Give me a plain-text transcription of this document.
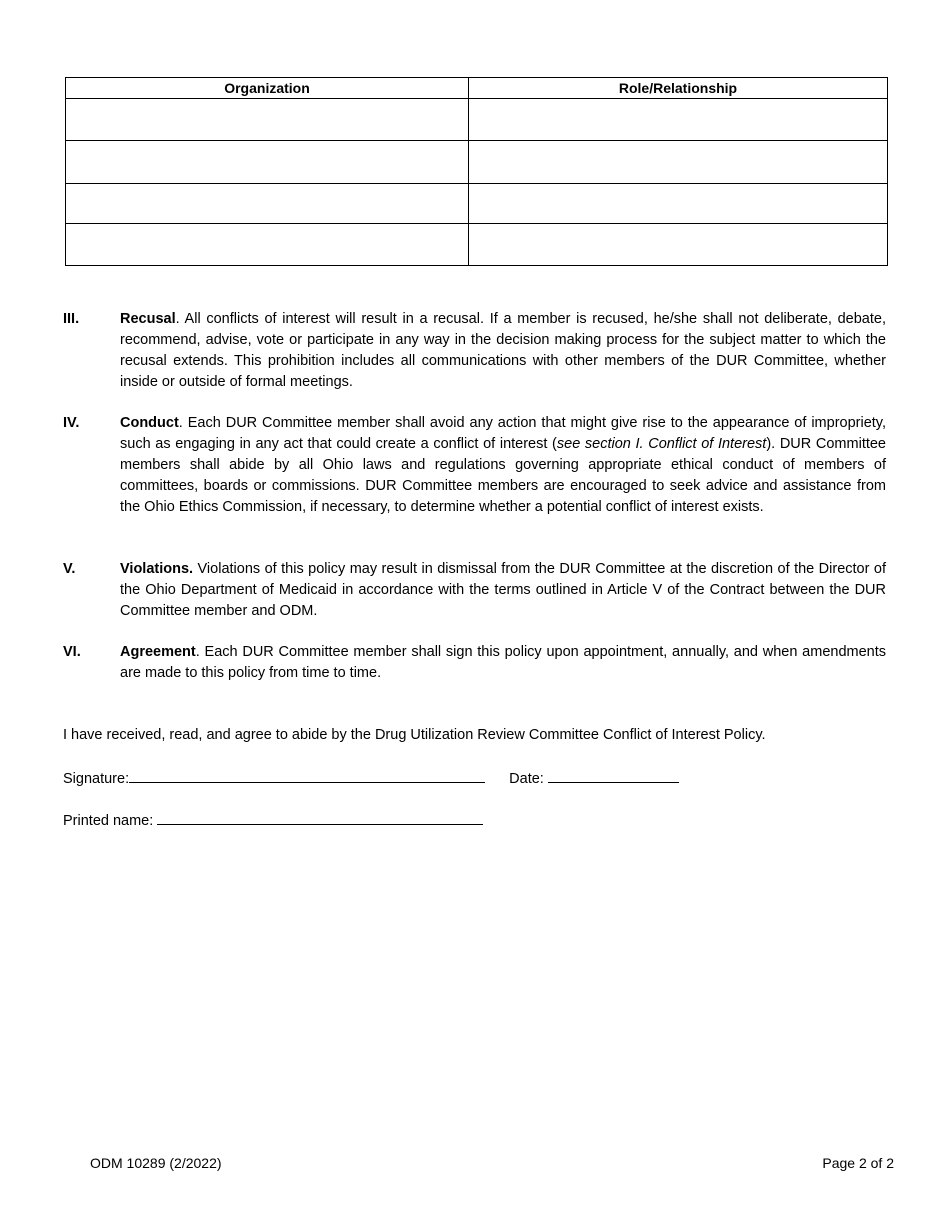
Organization	Role/Relationship

III.	Recusal. All conflicts of interest will result in a recusal. If a member is recused, he/she shall not deliberate, debate, recommend, advise, vote or participate in any way in the decision making process for the subject matter to which the recusal extends. This prohibition includes all communications with other members of the DUR Committee, whether inside or outside of formal meetings.
IV.	Conduct. Each DUR Committee member shall avoid any action that might give rise to the appearance of impropriety, such as engaging in any act that could create a conflict of interest (see section I. Conflict of Interest). DUR Committee members shall abide by all Ohio laws and regulations governing appropriate ethical conduct of members of committees, boards or commissions. DUR Committee members are encouraged to seek advice and assistance from the Ohio Ethics Commission, if necessary, to determine whether a potential conflict of interest exists.
V.	Violations. Violations of this policy may result in dismissal from the DUR Committee at the discretion of the Director of the Ohio Department of Medicaid in accordance with the terms outlined in Article V of the Contract between the DUR Committee member and ODM.
VI.	Agreement. Each DUR Committee member shall sign this policy upon appointment, annually, and when amendments are made to this policy from time to time.
I have received, read, and agree to abide by the Drug Utilization Review Committee Conflict of Interest Policy.
Signature:	Date:
Printed name:
ODM 10289 (2/2022)	Page 2 of 2
